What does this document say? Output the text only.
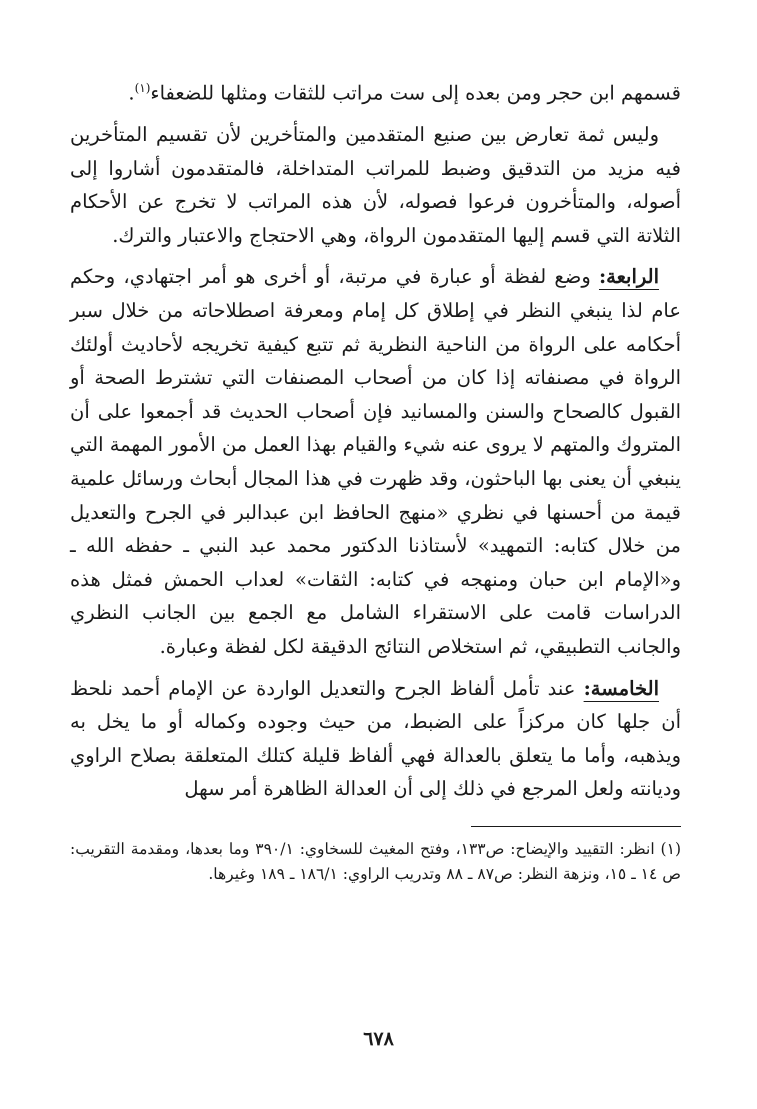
قسمهم ابن حجر ومن بعده إلى ست مراتب للثقات ومثلها للضعفاء$^{(١)}$.

وليس ثمة تعارض بين صنيع المتقدمين والمتأخرين لأن تقسيم المتأخرين فيه مزيد من التدقيق وضبط للمراتب المتداخلة، فالمتقدمون أشاروا إلى أصوله، والمتأخرون فرعوا فصوله، لأن هذه المراتب لا تخرج عن الأحكام الثلاتة التي قسم إليها المتقدمون الرواة، وهي الاحتجاج والاعتبار والترك.

الرابعة: وضع لفظة أو عبارة في مرتبة، أو أخرى هو أمر اجتهادي، وحكم عام لذا ينبغي النظر في إطلاق كل إمام ومعرفة اصطلاحاته من خلال سبر أحكامه على الرواة من الناحية النظرية ثم تتبع كيفية تخريجه لأحاديث أولئك الرواة في مصنفاته إذا كان من أصحاب المصنفات التي تشترط الصحة أو القبول كالصحاح والسنن والمسانيد فإن أصحاب الحديث قد أجمعوا على أن المتروك والمتهم لا يروى عنه شيء والقيام بهذا العمل من الأمور المهمة التي ينبغي أن يعنى بها الباحثون، وقد ظهرت في هذا المجال أبحاث ورسائل علمية قيمة من أحسنها في نظري «منهج الحافظ ابن عبدالبر في الجرح والتعديل من خلال كتابه: التمهيد» لأستاذنا الدكتور محمد عبد النبي ـ حفظه الله ـ و«الإمام ابن حبان ومنهجه في كتابه: الثقات» لعداب الحمش فمثل هذه الدراسات قامت على الاستقراء الشامل مع الجمع بين الجانب النظري والجانب التطبيقي، ثم استخلاص النتائج الدقيقة لكل لفظة وعبارة.

الخامسة: عند تأمل ألفاظ الجرح والتعديل الواردة عن الإمام أحمد نلحظ أن جلها كان مركزاً على الضبط، من حيث وجوده وكماله أو ما يخل به ويذهبه، وأما ما يتعلق بالعدالة فهي ألفاظ قليلة كتلك المتعلقة بصلاح الراوي وديانته ولعل المرجع في ذلك إلى أن العدالة الظاهرة أمر سهل

(١) انظر: التقييد والإيضاح: ص١٣٣، وفتح المغيث للسخاوي: ٣٩٠/١ وما بعدها، ومقدمة التقريب: ص ١٤ ـ ١٥، ونزهة النظر: ص٨٧ ـ ٨٨ وتدريب الراوي: ١٨٦/١ ـ ١٨٩ وغيرها.

٦٧٨
